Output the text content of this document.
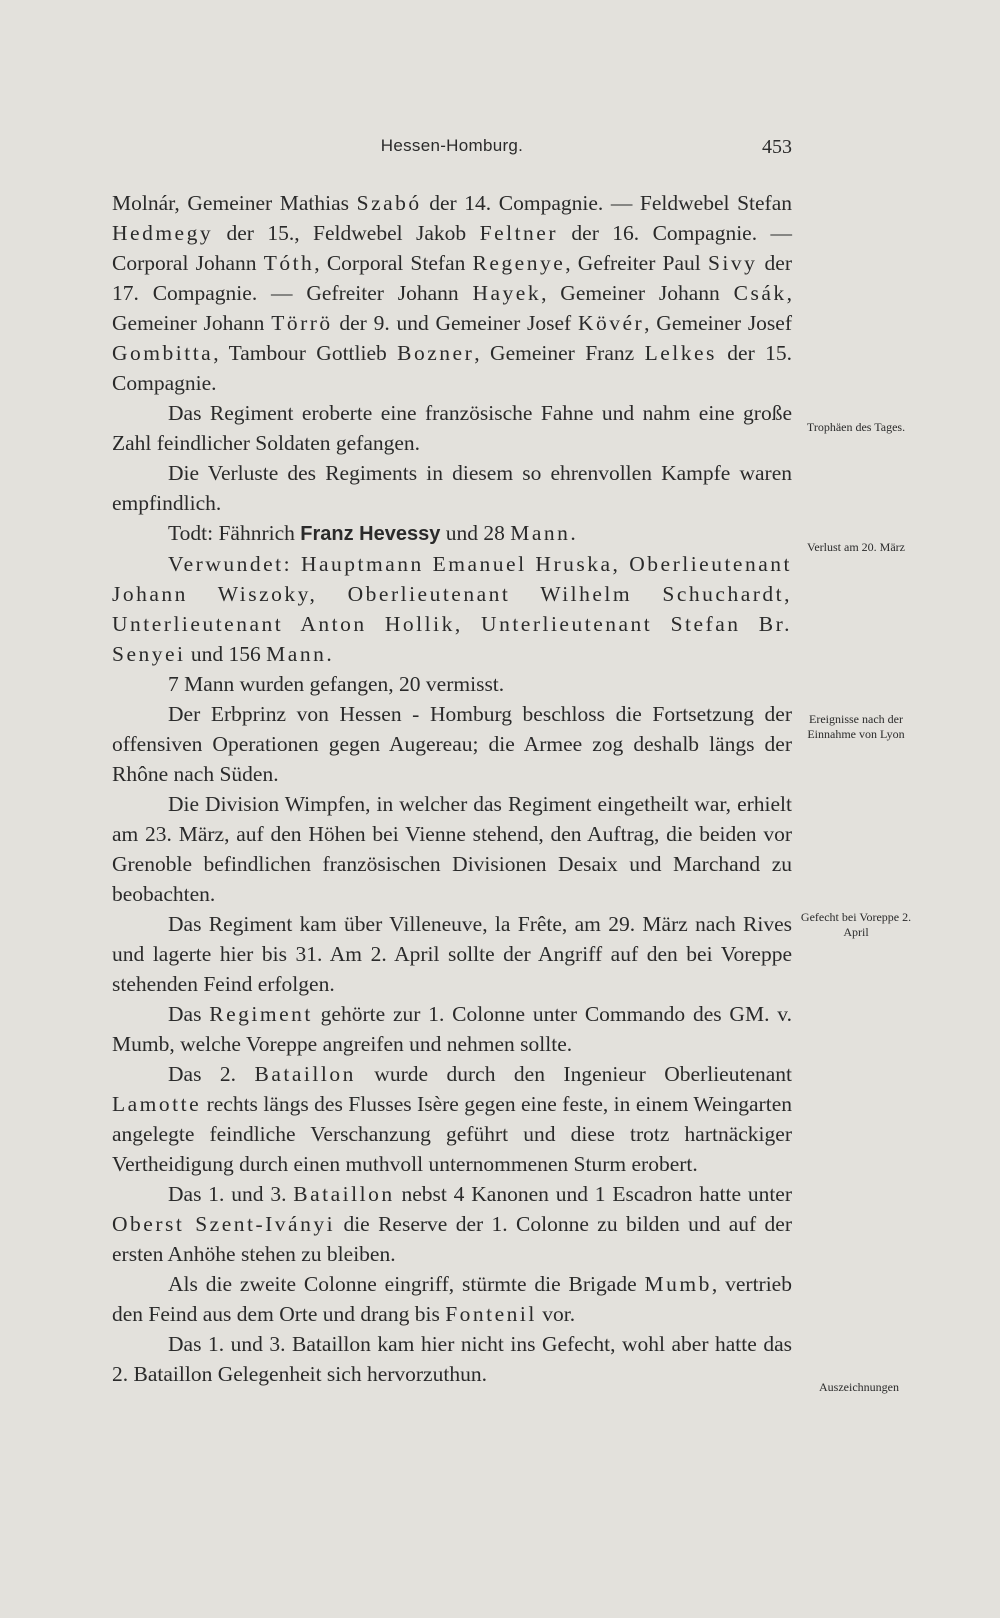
Hessen-Homburg.	453

Molnár, Gemeiner Mathias Szabó der 14. Compagnie. — Feldwebel Stefan Hedmegy der 15., Feldwebel Jakob Feltner der 16. Compagnie. — Corporal Johann Tóth, Corporal Stefan Regenye, Gefreiter Paul Sivy der 17. Compagnie. — Gefreiter Johann Hayek, Gemeiner Johann Csák, Gemeiner Johann Törrö der 9. und Gemeiner Josef Kövér, Gemeiner Josef Gombitta, Tambour Gottlieb Bozner, Gemeiner Franz Lelkes der 15. Compagnie.

Das Regiment eroberte eine französische Fahne und nahm eine große Zahl feindlicher Soldaten gefangen.

Die Verluste des Regiments in diesem so ehrenvollen Kampfe waren empfindlich.

Todt: Fähnrich Franz Hevessy und 28 Mann.

Verwundet: Hauptmann Emanuel Hruska, Oberlieutenant Johann Wiszoky, Oberlieutenant Wilhelm Schuchardt, Unterlieutenant Anton Hollik, Unterlieutenant Stefan Br. Senyei und 156 Mann.

7 Mann wurden gefangen, 20 vermisst.

Der Erbprinz von Hessen - Homburg beschloss die Fortsetzung der offensiven Operationen gegen Augereau; die Armee zog deshalb längs der Rhône nach Süden.

Die Division Wimpfen, in welcher das Regiment eingetheilt war, erhielt am 23. März, auf den Höhen bei Vienne stehend, den Auftrag, die beiden vor Grenoble befindlichen französischen Divisionen Desaix und Marchand zu beobachten.

Das Regiment kam über Villeneuve, la Frête, am 29. März nach Rives und lagerte hier bis 31. Am 2. April sollte der Angriff auf den bei Voreppe stehenden Feind erfolgen.

Das Regiment gehörte zur 1. Colonne unter Commando des GM. v. Mumb, welche Voreppe angreifen und nehmen sollte.

Das 2. Bataillon wurde durch den Ingenieur Oberlieutenant Lamotte rechts längs des Flusses Isère gegen eine feste, in einem Weingarten angelegte feindliche Verschanzung geführt und diese trotz hartnäckiger Vertheidigung durch einen muthvoll unternommenen Sturm erobert.

Das 1. und 3. Bataillon nebst 4 Kanonen und 1 Escadron hatte unter Oberst Szent-Iványi die Reserve der 1. Colonne zu bilden und auf der ersten Anhöhe stehen zu bleiben.

Als die zweite Colonne eingriff, stürmte die Brigade Mumb, vertrieb den Feind aus dem Orte und drang bis Fontenil vor.

Das 1. und 3. Bataillon kam hier nicht ins Gefecht, wohl aber hatte das 2. Bataillon Gelegenheit sich hervorzuthun.

Trophäen des Tages.
Verlust am 20. März
Ereignisse nach der Einnahme von Lyon
Gefecht bei Voreppe 2. April
Auszeichnungen
